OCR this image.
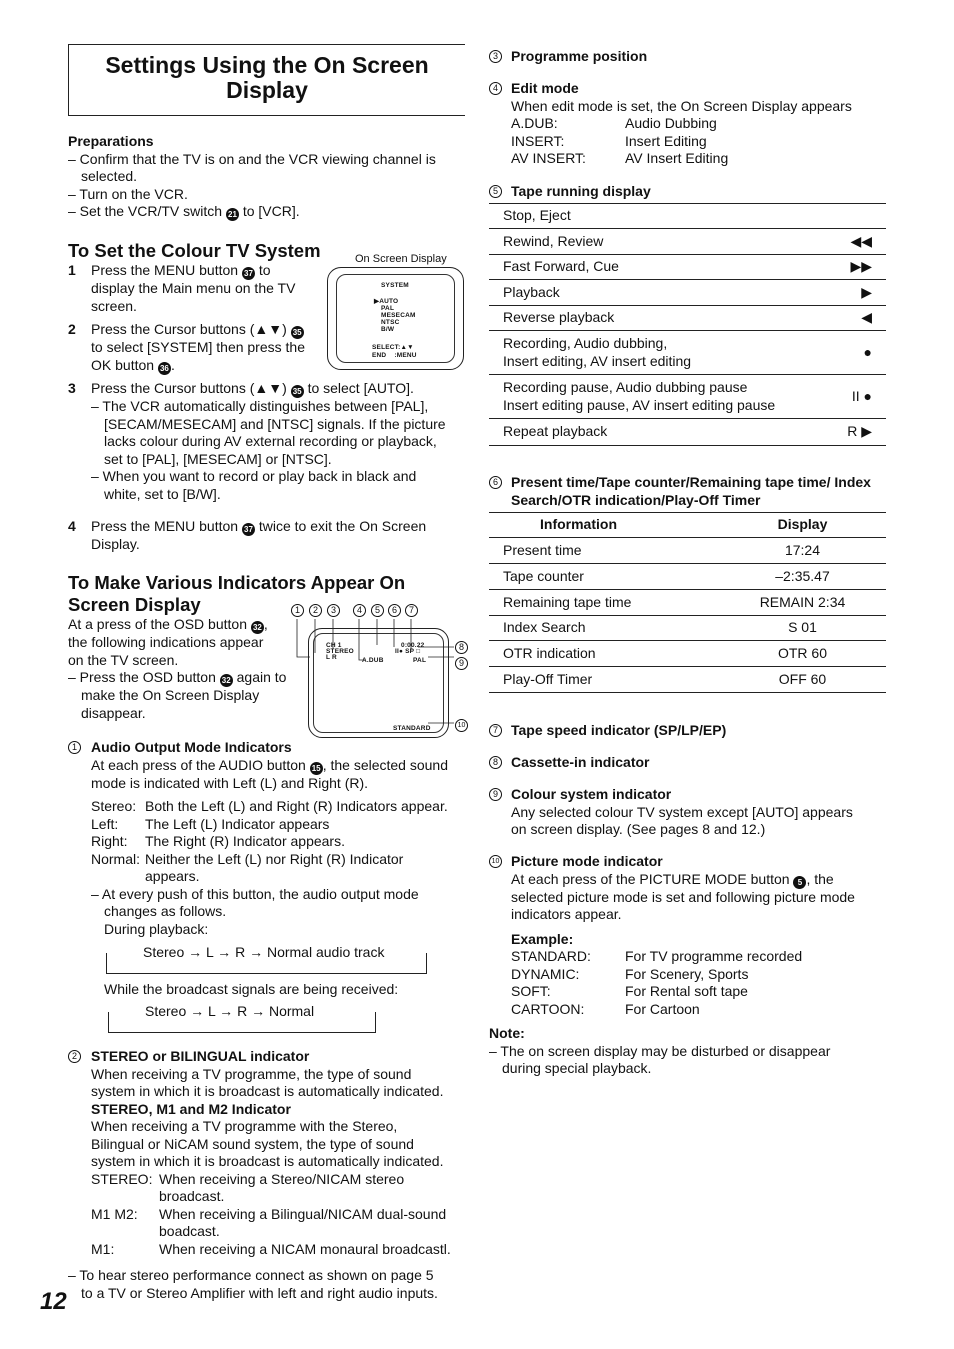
Settings Using the On Screen Display
Preparations
– Confirm that the TV is on and the VCR viewing channel is
selected.
– Turn on the VCR.
– Set the VCR/TV switch 21 to [VCR].
To Set the Colour TV System	On Screen Display
SYSTEM
▶AUTO
PAL
MESECAM
NTSC
B/W
SELECT:▲▼
END    :MENU
1	Press the MENU button 37 to
display the Main menu on the TV
screen.
2	Press the Cursor buttons (▲▼) 35
to select [SYSTEM] then press the
OK button 36 .
3	Press the Cursor buttons (▲▼) 35 to select [AUTO].
– The VCR automatically distinguishes between [PAL],
[SECAM/MESECAM] and [NTSC] signals. If the picture
lacks colour during AV external recording or playback,
set to [PAL], [MESECAM] or [NTSC].
– When you want to record or play back in black and
white, set to [B/W].
4	Press the MENU button 37 twice to exit the On Screen
Display.
To Make Various Indicators Appear On
Screen Display
At a press of the OSD button 32 ,
the following indications appear
on the TV screen.
– Press the OSD button 32 again to
make the On Screen Display
disappear.
1	2	3	4	5	6	7
CH 1
STEREO
L R	A.DUB
0:00.22
II● SP □
PAL
STANDARD
8
9
10
1 Audio Output Mode Indicators
At each press of the AUDIO button 15 , the selected sound
mode is indicated with Left (L) and Right (R).
Stereo: Both the Left (L) and Right (R) Indicators appear.
Left:	The Left (L) Indicator appears
Right:	The Right (R) Indicator appears.
Normal: Neither the Left (L) nor Right (R) Indicator
appears.
– At every push of this button, the audio output mode
changes as follows.
During playback:
Stereo → L → R → Normal audio track
While the broadcast signals are being received:
Stereo → L → R → Normal
2 STEREO or BILINGUAL indicator
When receiving a TV programme, the type of sound
system in which it is broadcast is automatically indicated.
STEREO, M1 and M2 Indicator
When receiving a TV programme with the Stereo,
Bilingual or NiCAM sound system, the type of sound
system in which it is broadcast is automatically indicated.
STEREO: When receiving a Stereo/NICAM stereo
broadcast.
M1 M2:	When receiving a Bilingual/NICAM dual-sound
boadcast.
M1:	When receiving a NICAM monaural broadcastl.
– To hear stereo performance connect as shown on page 5
to a TV or Stereo Amplifier with left and right audio inputs.
12
3 Programme position
4 Edit mode
When edit mode is set, the On Screen Display appears
A.DUB:	Audio Dubbing
INSERT:	Insert Editing
AV INSERT:	AV Insert Editing
5 Tape running display
Stop, Eject	
Rewind, Review	◀◀
Fast Forward, Cue	▶▶
Playback	▶
Reverse playback	◀

Recording, Audio dubbing,
Insert editing, AV insert editing	●

Recording pause, Audio dubbing pause
Insert editing pause, AV insert editing pause	II ●
Repeat playback	R ▶
6 Present time/Tape counter/Remaining tape time/ Index
Search/OTR indication/Play-Off Timer
Information	Display
Present time	17:24
Tape counter	–2:35.47
Remaining tape time	REMAIN 2:34
Index Search	S 01
OTR indication	OTR 60
Play-Off Timer	OFF 60
7 Tape speed indicator (SP/LP/EP)
8 Cassette-in indicator
9 Colour system indicator
Any selected colour TV system except [AUTO] appears
on screen display. (See pages 8 and 12.)
10 Picture mode indicator
At each press of the PICTURE MODE button 5 , the
selected picture mode is set and following picture mode
indicators appear.
Example:
STANDARD:	For TV programme recorded
DYNAMIC:	For Scenery, Sports
SOFT:	For Rental soft tape
CARTOON:	For Cartoon
Note:
– The on screen display may be disturbed or disappear
during special playback.
